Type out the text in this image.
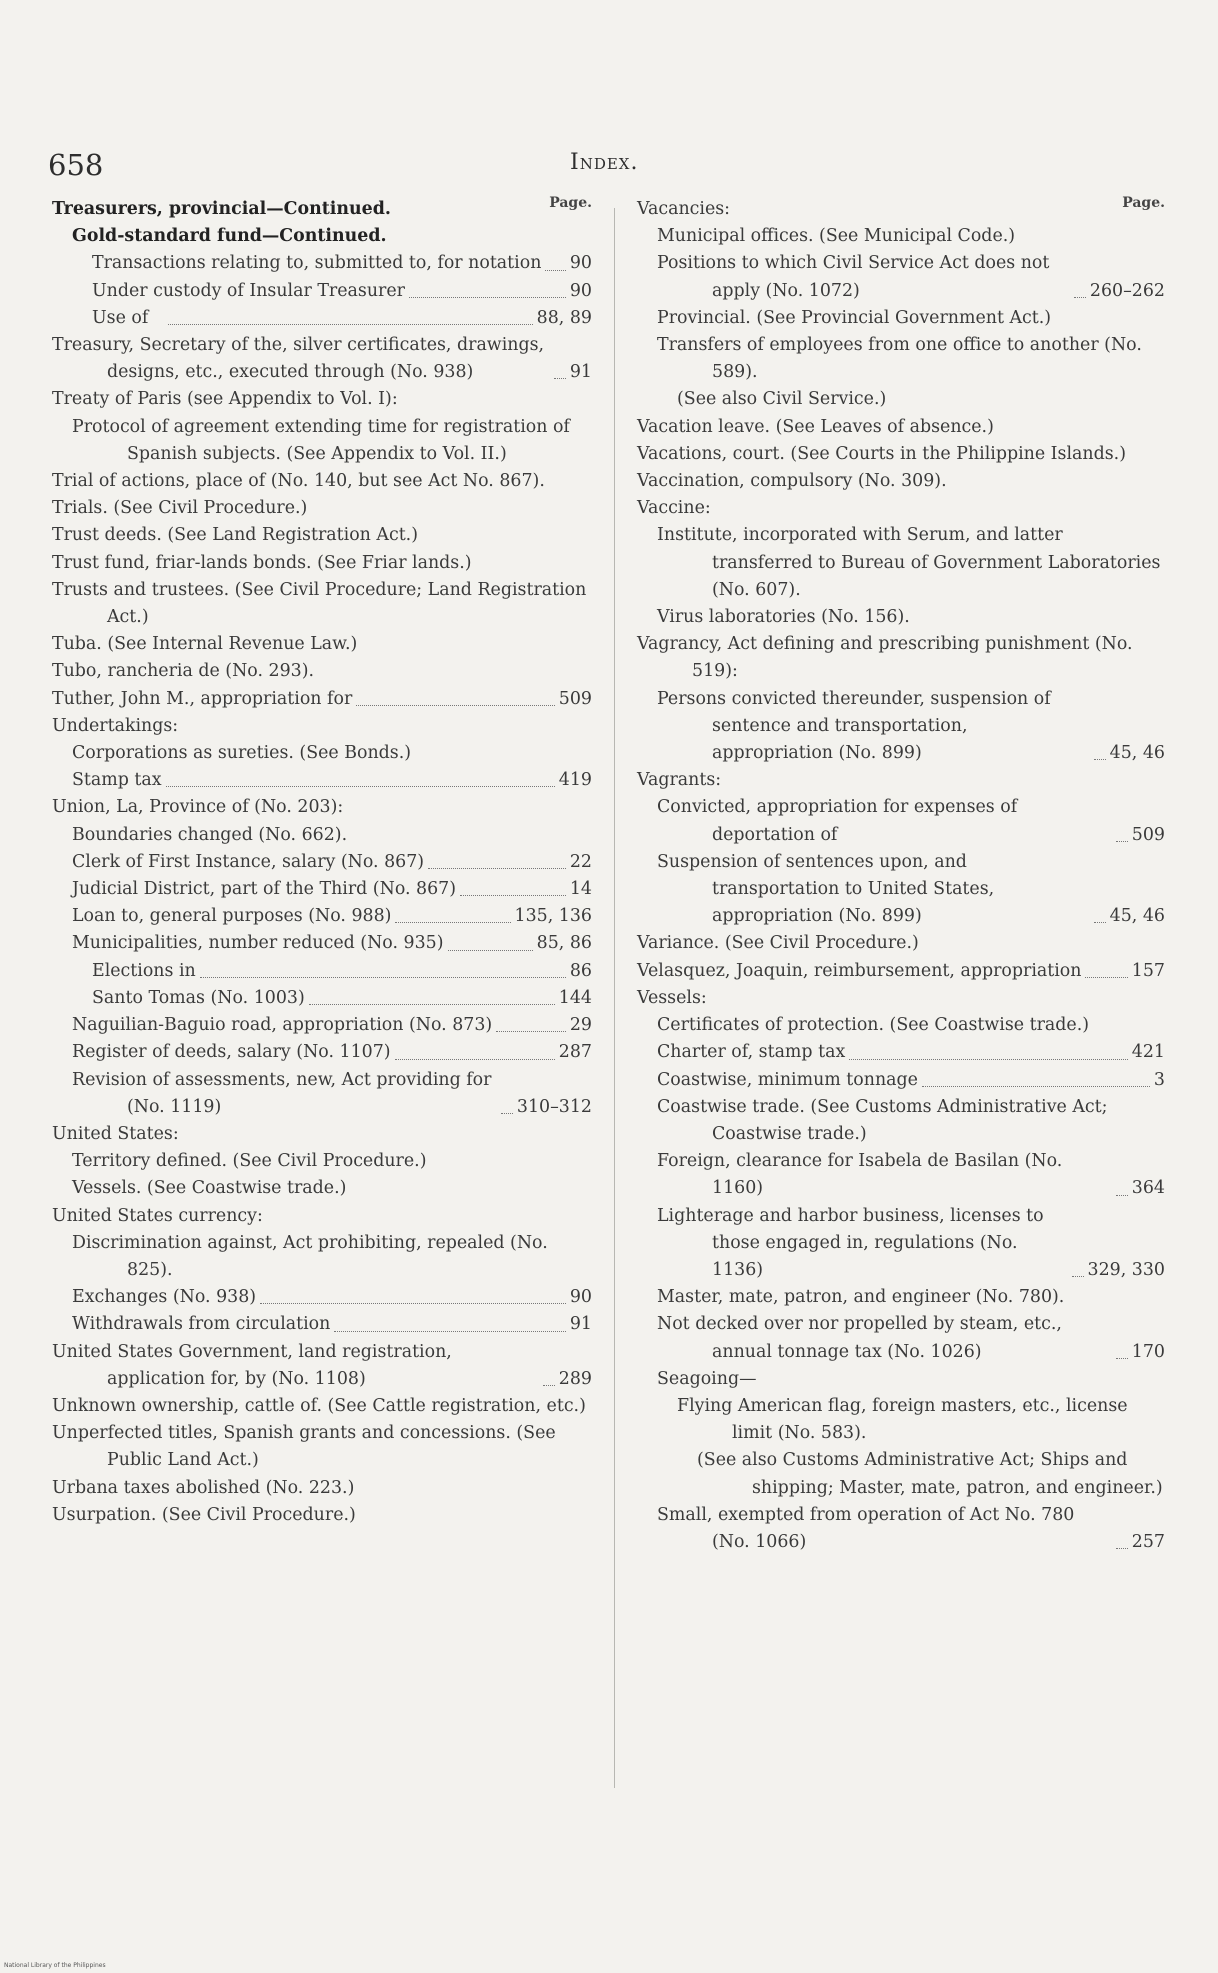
658	Index.
Page.
Treasurers, provincial—Continued.
Gold-standard fund—Continued.
Transactions relating to, submitted to, for notation 90
Under custody of Insular Treasurer	90
Use of	88, 89
Treasury, Secretary of the, silver certificates, drawings, designs, etc., executed through (No. 938)	91
Treaty of Paris (see Appendix to Vol. I):
Protocol of agreement extending time for registration of Spanish subjects. (See Appendix to Vol. II.)
Trial of actions, place of (No. 140, but see Act No. 867).
Trials. (See Civil Procedure.)
Trust deeds. (See Land Registration Act.)
Trust fund, friar-lands bonds. (See Friar lands.)
Trusts and trustees. (See Civil Procedure; Land Registration Act.)
Tuba. (See Internal Revenue Law.)
Tubo, rancheria de (No. 293).
Tuther, John M., appropriation for	509
Undertakings:
Corporations as sureties. (See Bonds.)
Stamp tax	419
Union, La, Province of (No. 203):
Boundaries changed (No. 662).
Clerk of First Instance, salary (No. 867)	22
Judicial District, part of the Third (No. 867)	14
Loan to, general purposes (No. 988)	135, 136
Municipalities, number reduced (No. 935)	85, 86
Elections in	86
Santo Tomas (No. 1003)	144
Naguilian-Baguio road, appropriation (No. 873)	29
Register of deeds, salary (No. 1107)	287
Revision of assessments, new, Act providing for (No. 1119)	310–312
United States:
Territory defined. (See Civil Procedure.)
Vessels. (See Coastwise trade.)
United States currency:
Discrimination against, Act prohibiting, repealed (No. 825).
Exchanges (No. 938)	90
Withdrawals from circulation	91
United States Government, land registration, application for, by (No. 1108)	289
Unknown ownership, cattle of. (See Cattle registration, etc.)
Unperfected titles, Spanish grants and concessions. (See Public Land Act.)
Urbana taxes abolished (No. 223.)
Usurpation. (See Civil Procedure.)
Page.
Vacancies:
Municipal offices. (See Municipal Code.)
Positions to which Civil Service Act does not apply (No. 1072)	260–262
Provincial. (See Provincial Government Act.)
Transfers of employees from one office to another (No. 589).
(See also Civil Service.)
Vacation leave. (See Leaves of absence.)
Vacations, court. (See Courts in the Philippine Islands.)
Vaccination, compulsory (No. 309).
Vaccine:
Institute, incorporated with Serum, and latter transferred to Bureau of Government Laboratories (No. 607).
Virus laboratories (No. 156).
Vagrancy, Act defining and prescribing punishment (No. 519):
Persons convicted thereunder, suspension of sentence and transportation, appropriation (No. 899)	45, 46
Vagrants:
Convicted, appropriation for expenses of deportation of	509
Suspension of sentences upon, and transportation to United States, appropriation (No. 899)	45, 46
Variance. (See Civil Procedure.)
Velasquez, Joaquin, reimbursement, appropriation	157
Vessels:
Certificates of protection. (See Coastwise trade.)
Charter of, stamp tax	421
Coastwise, minimum tonnage	3
Coastwise trade. (See Customs Administrative Act; Coastwise trade.)
Foreign, clearance for Isabela de Basilan (No. 1160)	364
Lighterage and harbor business, licenses to those engaged in, regulations (No. 1136)	329, 330
Master, mate, patron, and engineer (No. 780).
Not decked over nor propelled by steam, etc., annual tonnage tax (No. 1026)	170
Seagoing—
Flying American flag, foreign masters, etc., license limit (No. 583).
(See also Customs Administrative Act; Ships and shipping; Master, mate, patron, and engineer.)
Small, exempted from operation of Act No. 780 (No. 1066)	257
National Library of the Philippines
